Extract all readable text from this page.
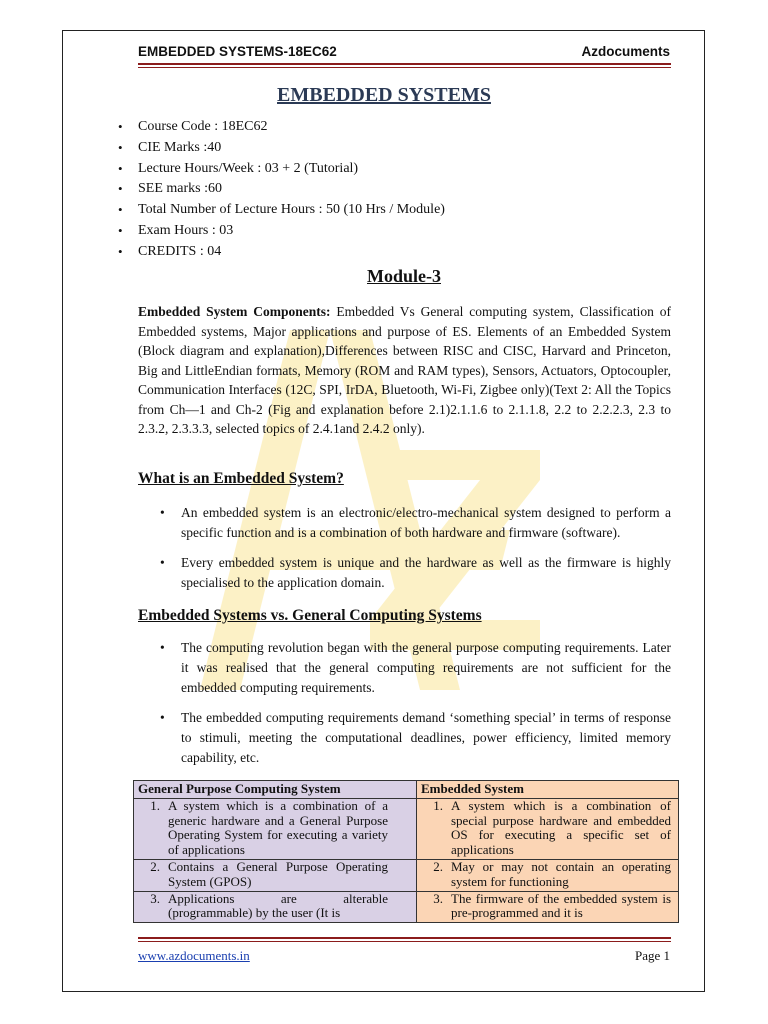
EMBEDDED SYSTEMS-18EC62	Azdocuments
EMBEDDED SYSTEMS
• Course Code : 18EC62
• CIE Marks :40
• Lecture Hours/Week : 03 + 2 (Tutorial)
• SEE marks :60
• Total Number of Lecture Hours : 50 (10 Hrs / Module)
• Exam Hours : 03
• CREDITS : 04
Module-3
Embedded System Components: Embedded Vs General computing system, Classification of Embedded systems, Major applications and purpose of ES. Elements of an Embedded System (Block diagram and explanation),Differences between RISC and CISC, Harvard and Princeton, Big and LittleEndian formats, Memory (ROM and RAM types), Sensors, Actuators, Optocoupler, Communication Interfaces (12C, SPI, IrDA, Bluetooth, Wi-Fi, Zigbee only)(Text 2: All the Topics from Ch—1 and Ch-2 (Fig and explanation before 2.1)2.1.1.6 to 2.1.1.8, 2.2 to 2.2.2.3, 2.3 to 2.3.2, 2.3.3.3, selected topics of 2.4.1and 2.4.2 only).
What is an Embedded System?
• An embedded system is an electronic/electro-mechanical system designed to perform a specific function and is a combination of both hardware and firmware (software).
• Every embedded system is unique and the hardware as well as the firmware is highly specialised to the application domain.
Embedded Systems vs. General Computing Systems
• The computing revolution began with the general purpose computing requirements. Later it was realised that the general computing requirements are not sufficient for the embedded computing requirements.
• The embedded computing requirements demand ‘something special’ in terms of response to stimuli, meeting the computational deadlines, power efficiency, limited memory capability, etc.
General Purpose Computing System	Embedded System
1. A system which is a combination of a generic hardware and a General Purpose Operating System for executing a variety of applications	1. A system which is a combination of special purpose hardware and embedded OS for executing a specific set of applications
2. Contains a General Purpose Operating System (GPOS)	2. May or may not contain an operating system for functioning
3. Applications are alterable (programmable) by the user (It is	3. The firmware of the embedded system is pre-programmed and it is
www.azdocuments.in	Page 1
